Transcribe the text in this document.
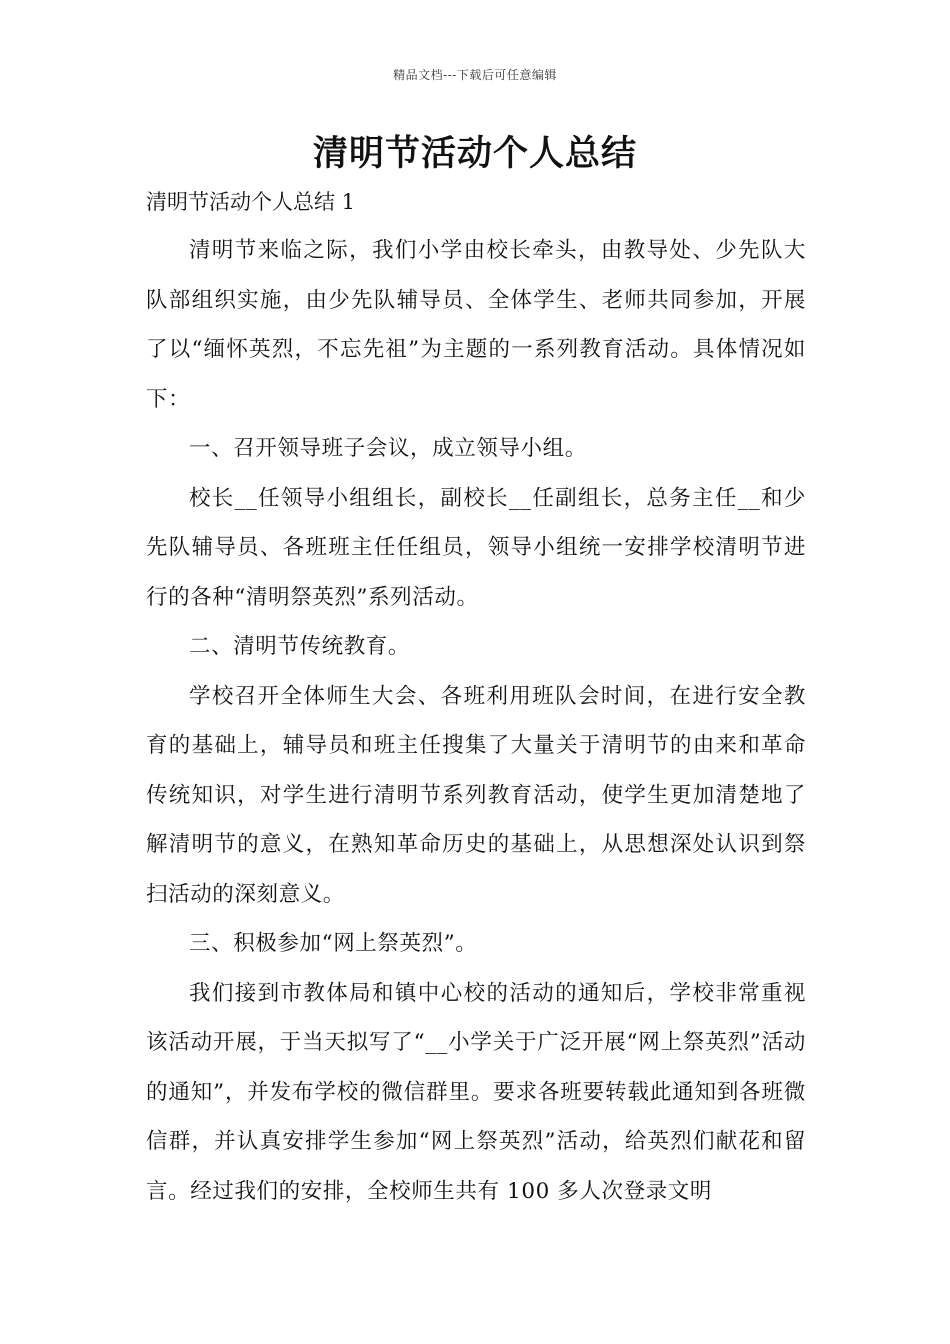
精品文档---下载后可任意编辑
清明节活动个人总结

清明节活动个人总结 1

清明节来临之际，我们小学由校长牵头，由教导处、少先队大队部组织实施，由少先队辅导员、全体学生、老师共同参加，开展了以“缅怀英烈，不忘先祖”为主题的一系列教育活动。具体情况如下：

一、召开领导班子会议，成立领导小组。

校长__任领导小组组长，副校长__任副组长，总务主任__和少先队辅导员、各班班主任任组员，领导小组统一安排学校清明节进行的各种“清明祭英烈”系列活动。

二、清明节传统教育。

学校召开全体师生大会、各班利用班队会时间，在进行安全教育的基础上，辅导员和班主任搜集了大量关于清明节的由来和革命传统知识，对学生进行清明节系列教育活动，使学生更加清楚地了解清明节的意义，在熟知革命历史的基础上，从思想深处认识到祭扫活动的深刻意义。

三、积极参加“网上祭英烈”。

我们接到市教体局和镇中心校的活动的通知后，学校非常重视该活动开展，于当天拟写了“__小学关于广泛开展“网上祭英烈”活动的通知”，并发布学校的微信群里。要求各班要转载此通知到各班微信群，并认真安排学生参加“网上祭英烈”活动，给英烈们献花和留言。经过我们的安排，全校师生共有 100 多人次登录文明
